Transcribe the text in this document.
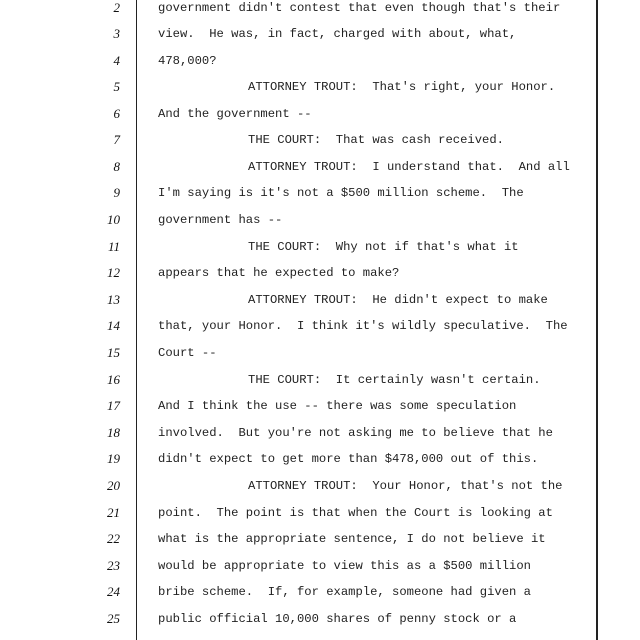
2	government didn't contest that even though that's their
3	view.  He was, in fact, charged with about, what,
4	478,000?
5	ATTORNEY TROUT:  That's right, your Honor.
6	And the government --
7	THE COURT:  That was cash received.
8	ATTORNEY TROUT:  I understand that.  And all
9	I'm saying is it's not a $500 million scheme.  The
10	government has --
11	THE COURT:  Why not if that's what it
12	appears that he expected to make?
13	ATTORNEY TROUT:  He didn't expect to make
14	that, your Honor.  I think it's wildly speculative.  The
15	Court --
16	THE COURT:  It certainly wasn't certain.
17	And I think the use -- there was some speculation
18	involved.  But you're not asking me to believe that he
19	didn't expect to get more than $478,000 out of this.
20	ATTORNEY TROUT:  Your Honor, that's not the
21	point.  The point is that when the Court is looking at
22	what is the appropriate sentence, I do not believe it
23	would be appropriate to view this as a $500 million
24	bribe scheme.  If, for example, someone had given a
25	public official 10,000 shares of penny stock or a
